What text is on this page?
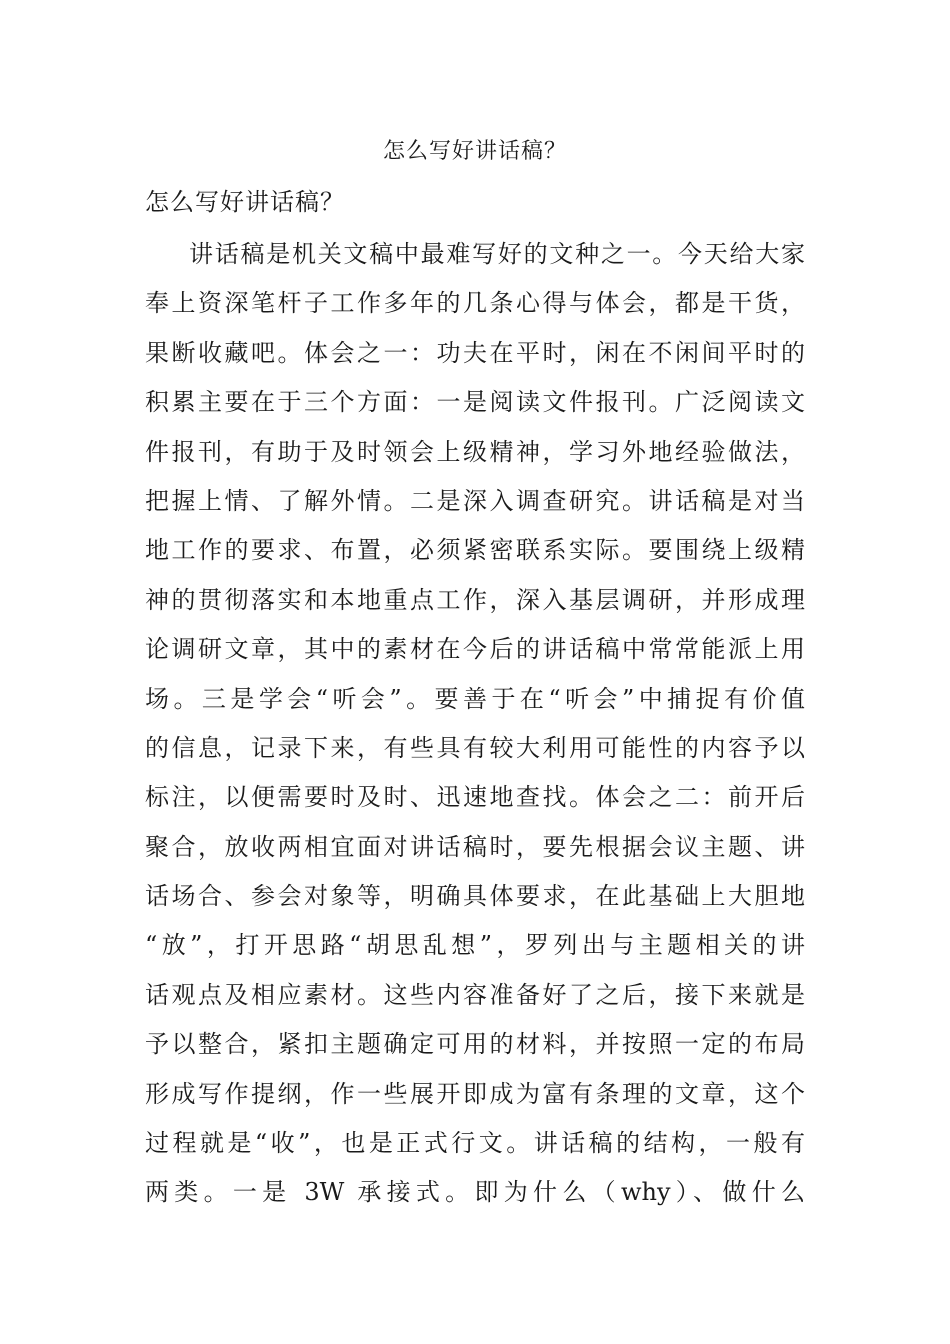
怎么写好讲话稿？
怎么写好讲话稿？
讲话稿是机关文稿中最难写好的文种之一。今天给大家
奉上资深笔杆子工作多年的几条心得与体会，都是干货，
果断收藏吧。体会之一：功夫在平时，闲在不闲间平时的
积累主要在于三个方面：一是阅读文件报刊。广泛阅读文
件报刊，有助于及时领会上级精神，学习外地经验做法，
把握上情、了解外情。二是深入调查研究。讲话稿是对当
地工作的要求、布置，必须紧密联系实际。要围绕上级精
神的贯彻落实和本地重点工作，深入基层调研，并形成理
论调研文章，其中的素材在今后的讲话稿中常常能派上用
场。三是学会“听会”。要善于在“听会”中捕捉有价值
的信息，记录下来，有些具有较大利用可能性的内容予以
标注，以便需要时及时、迅速地查找。体会之二：前开后
聚合，放收两相宜面对讲话稿时，要先根据会议主题、讲
话场合、参会对象等，明确具体要求，在此基础上大胆地
“放”，打开思路“胡思乱想”，罗列出与主题相关的讲
话观点及相应素材。这些内容准备好了之后，接下来就是
予以整合，紧扣主题确定可用的材料，并按照一定的布局
形成写作提纲，作一些展开即成为富有条理的文章，这个
过程就是“收”，也是正式行文。讲话稿的结构，一般有
两类。一是 3W 承接式。即为什么（why）、做什么
